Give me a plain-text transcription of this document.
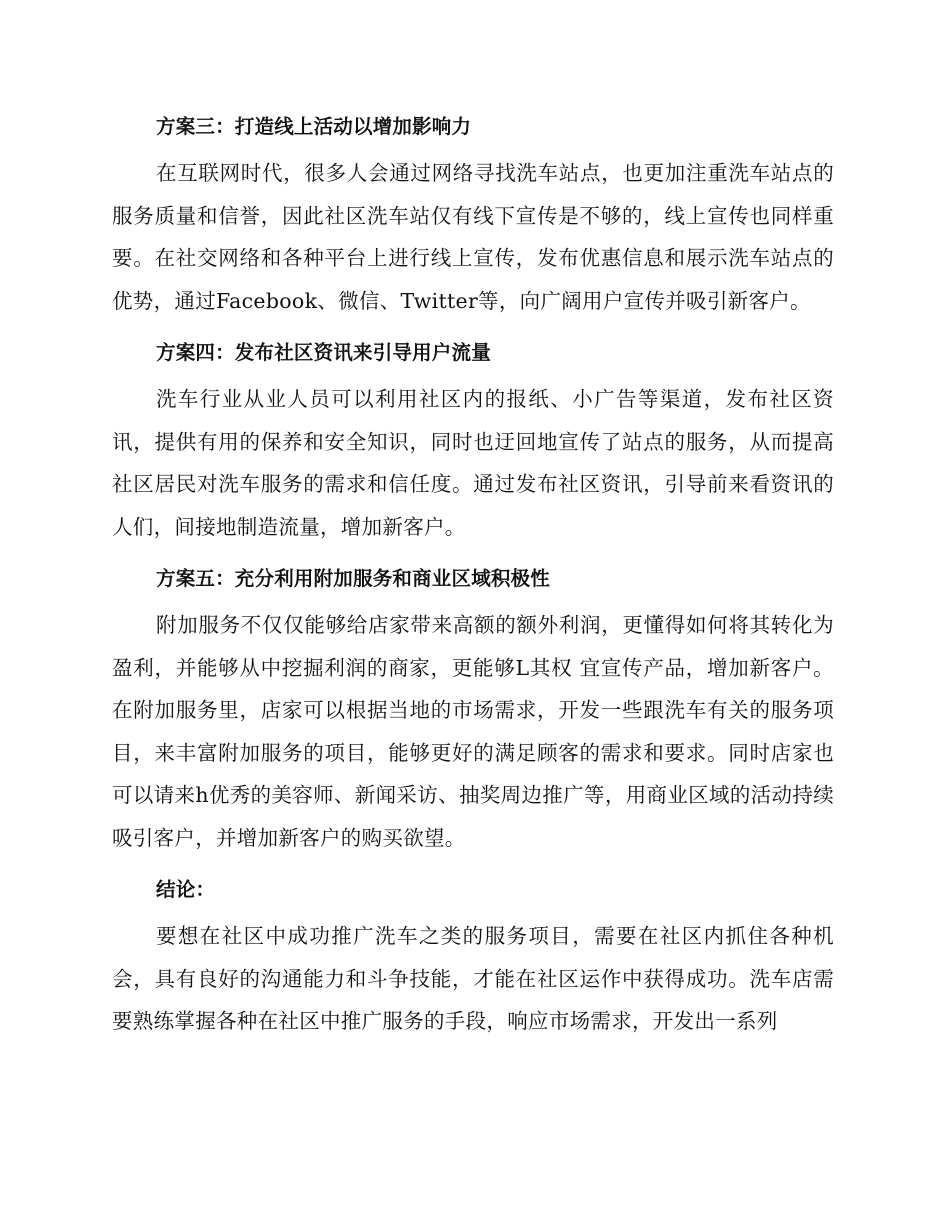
方案三：打造线上活动以增加影响力

在互联网时代，很多人会通过网络寻找洗车站点，也更加注重洗车站点的服务质量和信誉，因此社区洗车站仅有线下宣传是不够的，线上宣传也同样重要。在社交网络和各种平台上进行线上宣传，发布优惠信息和展示洗车站点的优势，通过Facebook、微信、Twitter等，向广阔用户宣传并吸引新客户。

方案四：发布社区资讯来引导用户流量

洗车行业从业人员可以利用社区内的报纸、小广告等渠道，发布社区资讯，提供有用的保养和安全知识，同时也迂回地宣传了站点的服务，从而提高社区居民对洗车服务的需求和信任度。通过发布社区资讯，引导前来看资讯的人们，间接地制造流量，增加新客户。

方案五：充分利用附加服务和商业区域积极性

附加服务不仅仅能够给店家带来高额的额外利润，更懂得如何将其转化为盈利，并能够从中挖掘利润的商家，更能够L其权 宜宣传产品，增加新客户。在附加服务里，店家可以根据当地的市场需求，开发一些跟洗车有关的服务项目，来丰富附加服务的项目，能够更好的满足顾客的需求和要求。同时店家也可以请来h优秀的美容师、新闻采访、抽奖周边推广等，用商业区域的活动持续吸引客户，并增加新客户的购买欲望。

结论：

要想在社区中成功推广洗车之类的服务项目，需要在社区内抓住各种机会，具有良好的沟通能力和斗争技能，才能在社区运作中获得成功。洗车店需要熟练掌握各种在社区中推广服务的手段，响应市场需求，开发出一系列
